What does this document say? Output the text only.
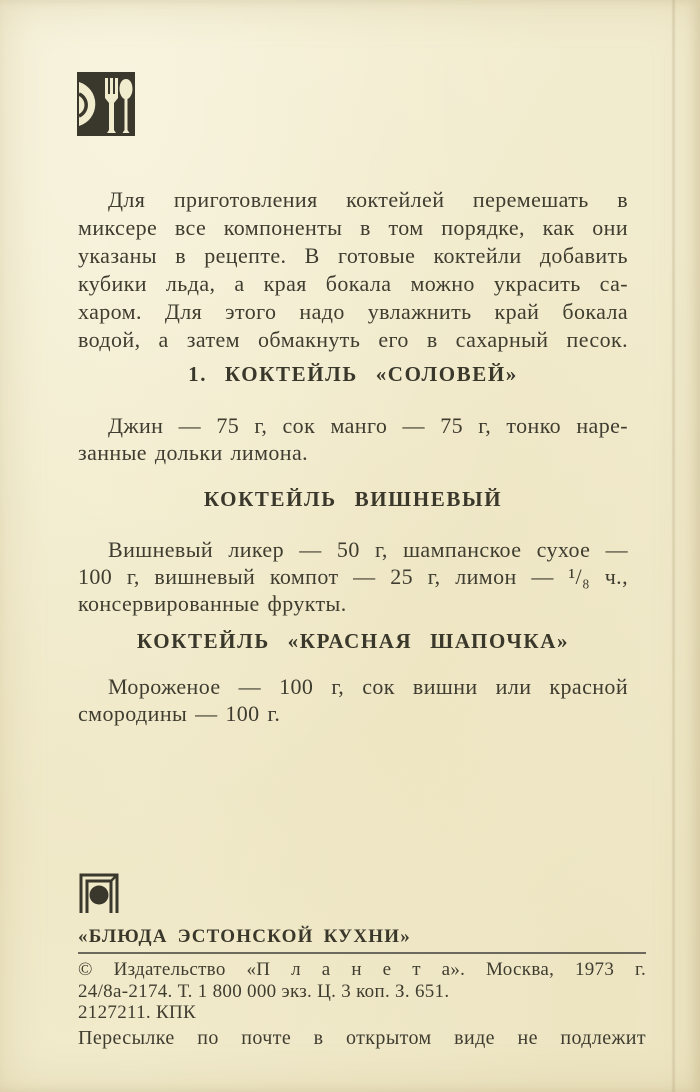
Для приготовления коктейлей перемешать в
миксере все компоненты в том порядке, как они
указаны в рецепте. В готовые коктейли добавить
кубики льда, а края бокала можно украсить са-
харом. Для этого надо увлажнить край бокала
водой, а затем обмакнуть его в сахарный песок.
1. КОКТЕЙЛЬ «СОЛОВЕЙ»
Джин — 75 г, сок манго — 75 г, тонко наре-
занные дольки лимона.
КОКТЕЙЛЬ ВИШНЕВЫЙ
Вишневый ликер — 50 г, шампанское сухое —
100 г, вишневый компот — 25 г, лимон — ¹/₈ ч.,
консервированные фрукты.
КОКТЕЙЛЬ «КРАСНАЯ ШАПОЧКА»
Мороженое — 100 г, сок вишни или красной
смородины — 100 г.
«БЛЮДА ЭСТОНСКОЙ КУХНИ»
© Издательство «П л а н е т а». Москва, 1973 г.
24/8а-2174. Т. 1 800 000 экз. Ц. 3 коп. З. 651.
2127211. КПК
Пересылке по почте в открытом виде не подлежит
